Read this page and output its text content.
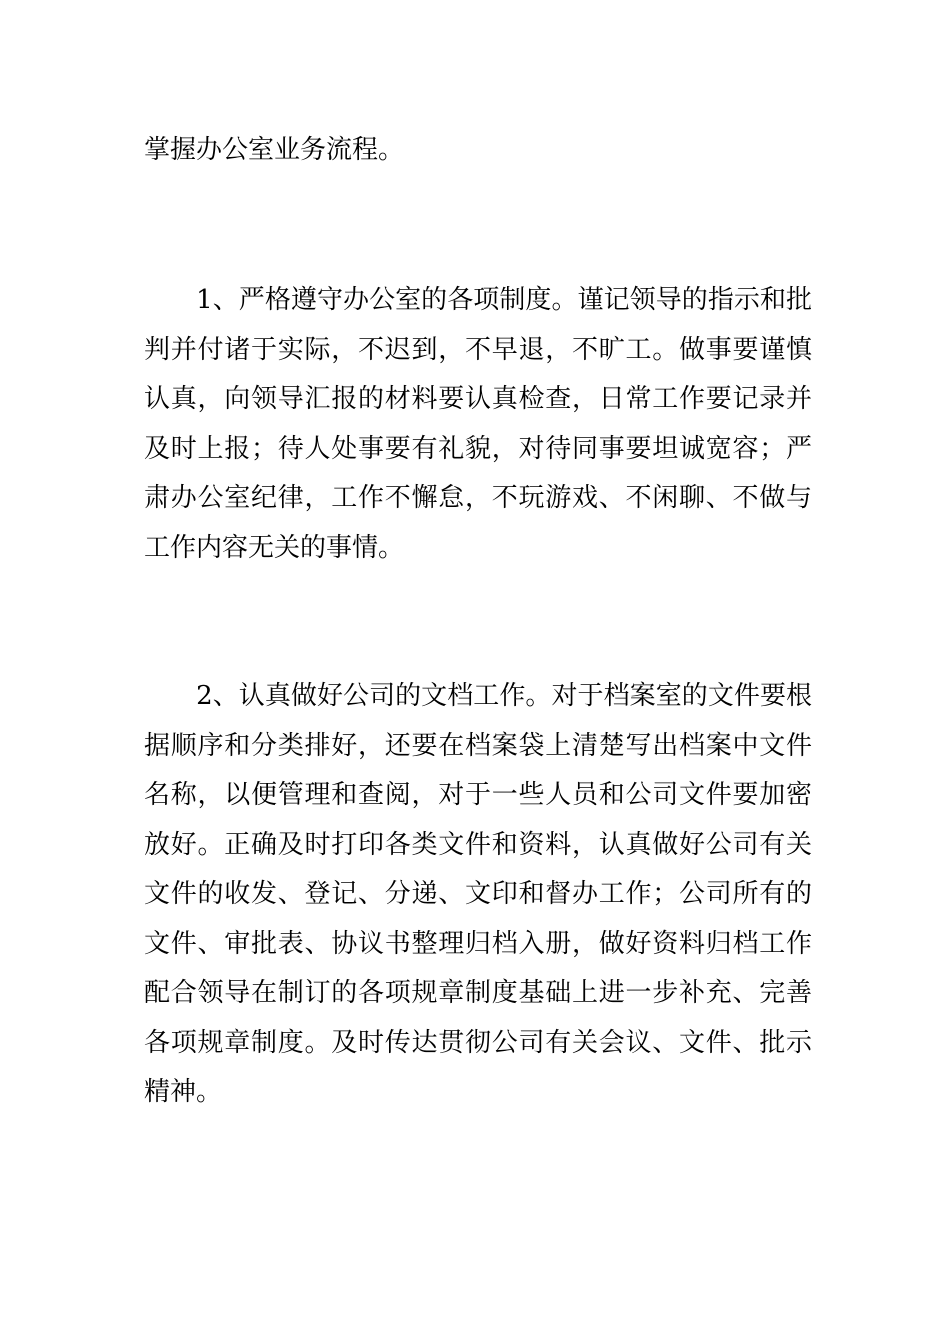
掌握办公室业务流程。
　　1、严格遵守办公室的各项制度。谨记领导的指示和批
判并付诸于实际，不迟到，不早退，不旷工。做事要谨慎
认真，向领导汇报的材料要认真检查，日常工作要记录并
及时上报；待人处事要有礼貌，对待同事要坦诚宽容；严
肃办公室纪律，工作不懈怠，不玩游戏、不闲聊、不做与
工作内容无关的事情。
　　2、认真做好公司的文档工作。对于档案室的文件要根
据顺序和分类排好，还要在档案袋上清楚写出档案中文件
名称，以便管理和查阅，对于一些人员和公司文件要加密
放好。正确及时打印各类文件和资料，认真做好公司有关
文件的收发、登记、分递、文印和督办工作；公司所有的
文件、审批表、协议书整理归档入册，做好资料归档工作
配合领导在制订的各项规章制度基础上进一步补充、完善
各项规章制度。及时传达贯彻公司有关会议、文件、批示
精神。
